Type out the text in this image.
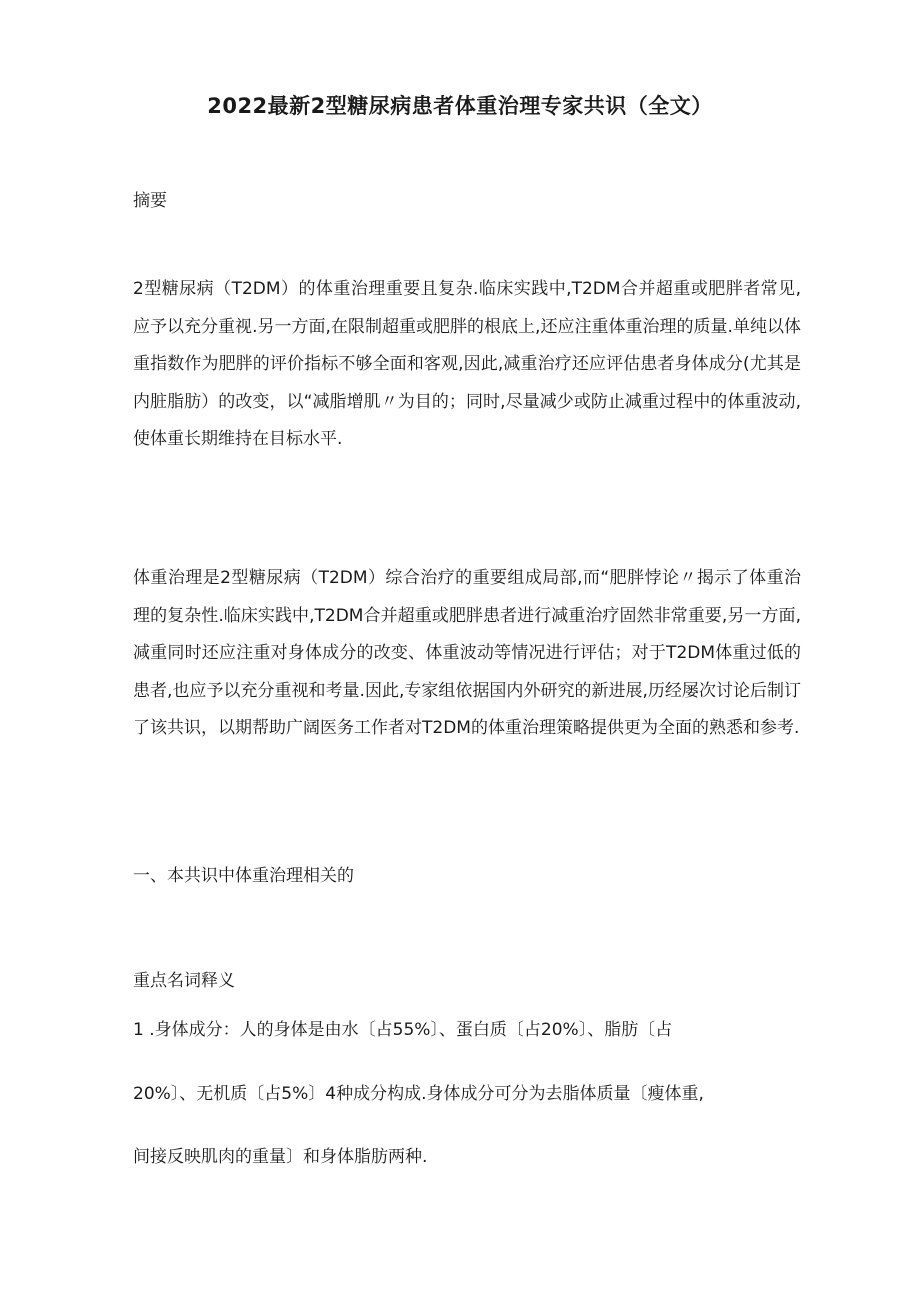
2022最新2型糖尿病患者体重治理专家共识（全文）
摘要

2型糖尿病（T2DM）的体重治理重要且复杂.临床实践中,T2DM合并超重或肥胖者常见,应予以充分重视.另一方面,在限制超重或肥胖的根底上,还应注重体重治理的质量.单纯以体重指数作为肥胖的评价指标不够全面和客观,因此,减重治疗还应评估患者身体成分(尤其是内脏脂肪）的改变，以“减脂增肌〃为目的；同时,尽量减少或防止减重过程中的体重波动,使体重长期维持在目标水平.

体重治理是2型糖尿病（T2DM）综合治疗的重要组成局部,而“肥胖悖论〃揭示了体重治理的复杂性.临床实践中,T2DM合并超重或肥胖患者进行减重治疗固然非常重要,另一方面,减重同时还应注重对身体成分的改变、体重波动等情况进行评估；对于T2DM体重过低的患者,也应予以充分重视和考量.因此,专家组依据国内外研究的新进展,历经屡次讨论后制订了该共识，以期帮助广阔医务工作者对T2DM的体重治理策略提供更为全面的熟悉和参考.

一、本共识中体重治理相关的
重点名词释义
1 .身体成分：人的身体是由水〔占55%〕、蛋白质〔占20%〕、脂肪〔占
20%〕、无机质〔占5%〕4种成分构成.身体成分可分为去脂体质量〔瘦体重,
间接反映肌肉的重量〕和身体脂肪两种.
